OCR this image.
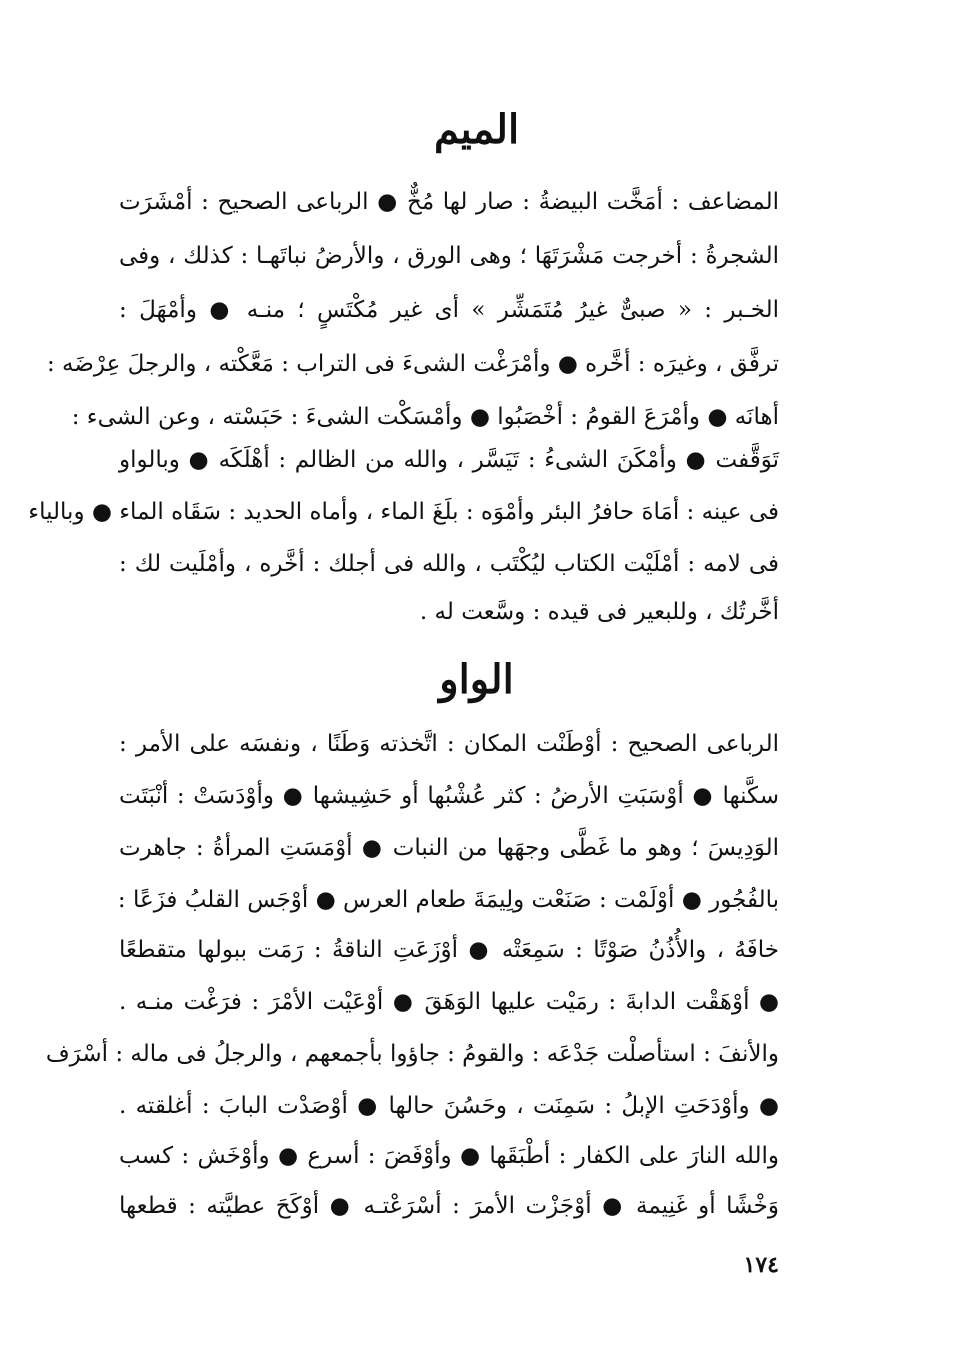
الميم
المضاعف : أمَخَّت البيضةُ : صار لها مُخٌّ ● الرباعى الصحيح : أمْشَرَت
الشجرةُ : أخرجت مَشْرَتَهَا ؛ وهى الورق ، والأرضُ نباتَهـا : كذلك ، وفى
الخـبر : « صبىٌّ غيرُ مُتَمَشِّر » أى غير مُكْتَسٍ ؛ منـه ● وأمْهَلَ :
ترفَّق ، وغيرَه : أخَّره ● وأمْرَغْت الشىءَ فى التراب : مَعَّكْته ، والرجلَ عِرْضَه :
أهانَه ● وأمْرَعَ القومُ : أخْصَبُوا ● وأمْسَكْت الشىءَ : حَبَسْته ، وعن الشىء :
تَوَقَّفت ● وأمْكَنَ الشىءُ : تَيَسَّر ، والله من الظالم : أهْلَكَه ● وبالواو
فى عينه : أمَاهَ حافرُ البئر وأمْوَه : بلَغَ الماء ، وأماه الحديد : سَقَاه الماء ● وبالياء
فى لامه : أمْلَيْت الكتاب ليُكْتَب ، والله فى أجلك : أخَّره ، وأمْلَيت لك :
أخَّرتُك ، وللبعير فى قيده : وسَّعت له .
الواو
الرباعى الصحيح : أوْطَنْت المكان : اتَّخذته وَطَنًا ، ونفسَه على الأمر :
سكَّنها ● أوْسَبَتِ الأرضُ : كثر عُشْبُها أو حَشِيشها ● وأوْدَسَتْ : أنْبَتَت
الوَدِيسَ ؛ وهو ما غَطَّى وجهَها من النبات ● أوْمَسَتِ المرأةُ : جاهرت
بالفُجُور ● أوْلَمْت : صَنَعْت ولِيمَةَ طعام العرس ● أوْجَس القلبُ فزَعًا :
خافَهُ ، والأُذُنُ صَوْتًا : سَمِعَتْه ● أوْزَعَتِ الناقةُ : رَمَت ببولها متقطعًا
● أوْهَقْت الدابةَ : رمَيْت عليها الوَهَقَ ● أوْعَيْت الأمْرَ : فرَغْت منـه .
والأنفَ : استأصلْت جَدْعَه : والقومُ : جاؤوا بأجمعهم ، والرجلُ فى ماله : أسْرَف
● وأوْدَحَتِ الإبلُ : سَمِنَت ، وحَسُنَ حالها ● أوْصَدْت البابَ : أغلقته .
والله النارَ على الكفار : أطْبَقَها ● وأوْفَضَ : أسرع ● وأوْخَش : كسب
وَخْشًا أو غَنِيمة ● أوْجَزْت الأمرَ : أسْرَعْتـه ● أوْكَحَ عطيَّته : قطعها
١٧٤
